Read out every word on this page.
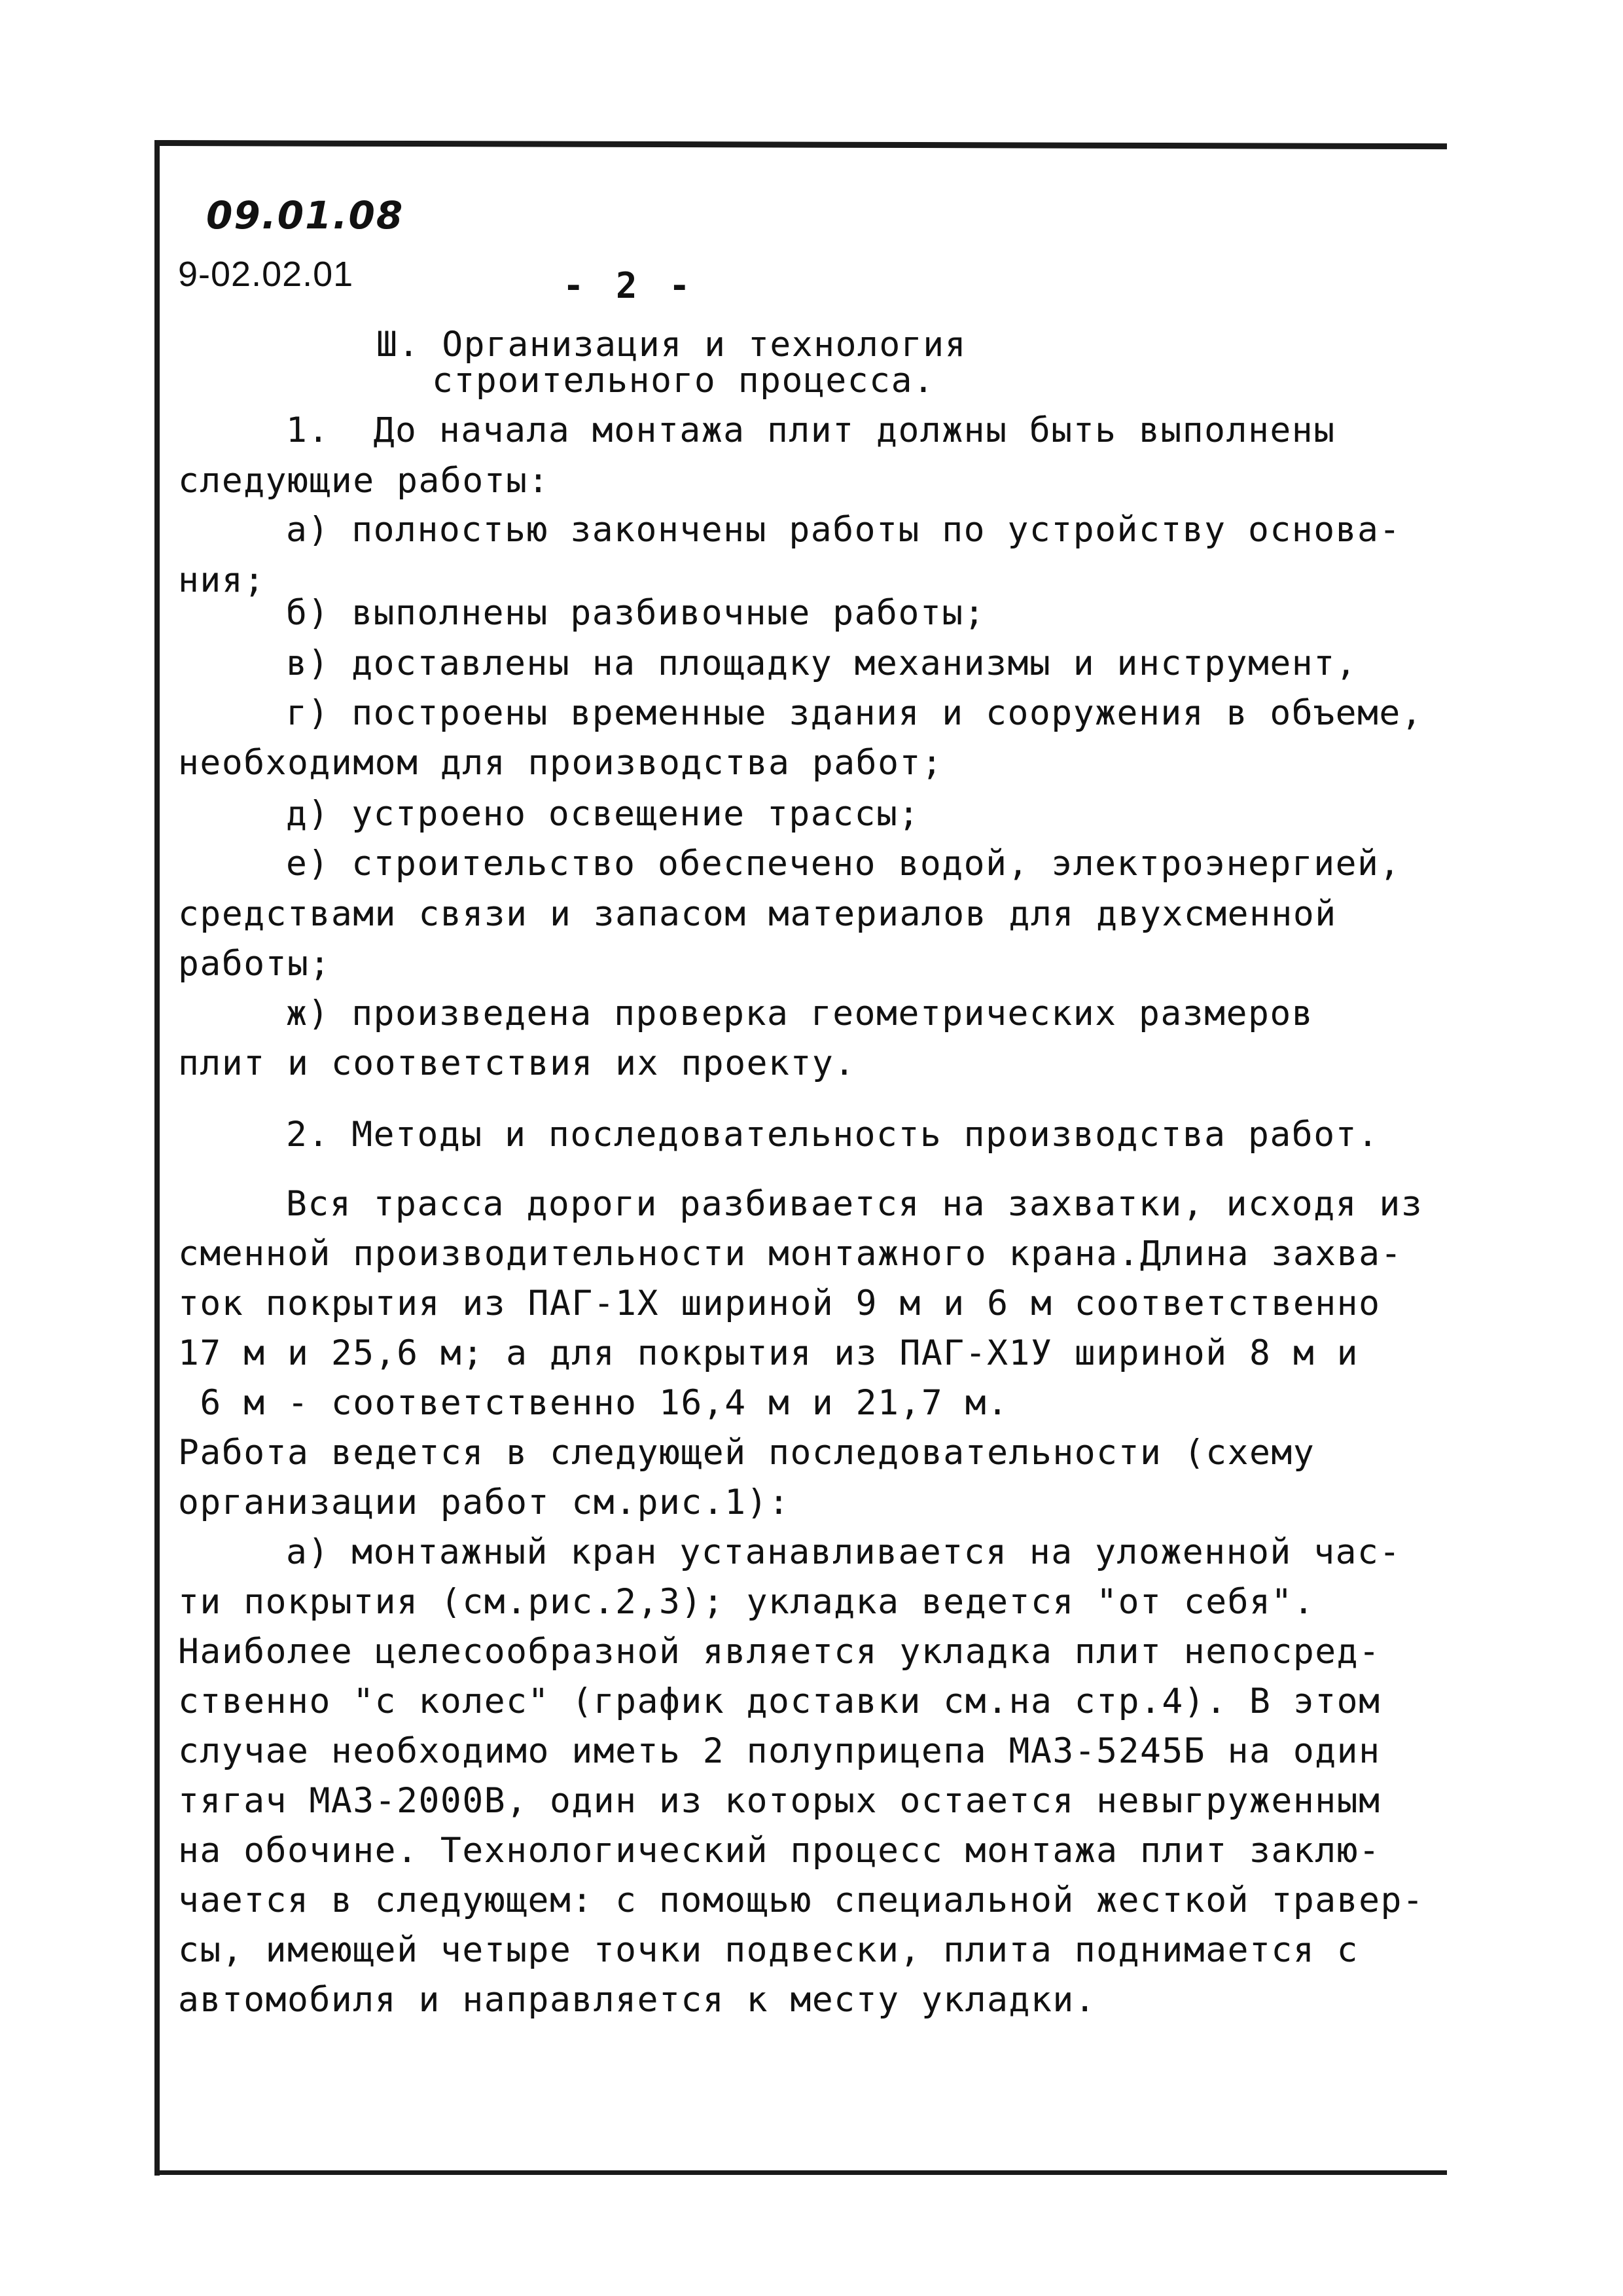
09.01.08
9-02.02.01	- 2 -
Ш. Организация и технология
строительного процесса.
1.  До начала монтажа плит должны быть выполнены
следующие работы:
а) полностью закончены работы по устройству основа-
ния;
б) выполнены разбивочные работы;
в) доставлены на площадку механизмы и инструмент,
г) построены временные здания и сооружения в объеме,
необходимом для производства работ;
д) устроено освещение трассы;
е) строительство обеспечено водой, электроэнергией,
средствами связи и запасом материалов для двухсменной
работы;
ж) произведена проверка геометрических размеров
плит и соответствия их проекту.
2. Методы и последовательность производства работ.
Вся трасса дороги разбивается на захватки, исходя из
сменной производительности монтажного крана.Длина захва-
ток покрытия из ПАГ-1Х шириной 9 м и 6 м соответственно
17 м и 25,6 м; а для покрытия из ПАГ-Х1У шириной 8 м и
6 м - соответственно 16,4 м и 21,7 м.
Работа ведется в следующей последовательности (схему
организации работ см.рис.1):
а) монтажный кран устанавливается на уложенной час-
ти покрытия (см.рис.2,3); укладка ведется "от себя".
Наиболее целесообразной является укладка плит непосред-
ственно "с колес" (график доставки см.на стр.4). В этом
случае необходимо иметь 2 полуприцепа МАЗ-5245Б на один
тягач МАЗ-2000В, один из которых остается невыгруженным
на обочине. Технологический процесс монтажа плит заклю-
чается в следующем: с помощью специальной жесткой травер-
сы, имеющей четыре точки подвески, плита поднимается с
автомобиля и направляется к месту укладки.
